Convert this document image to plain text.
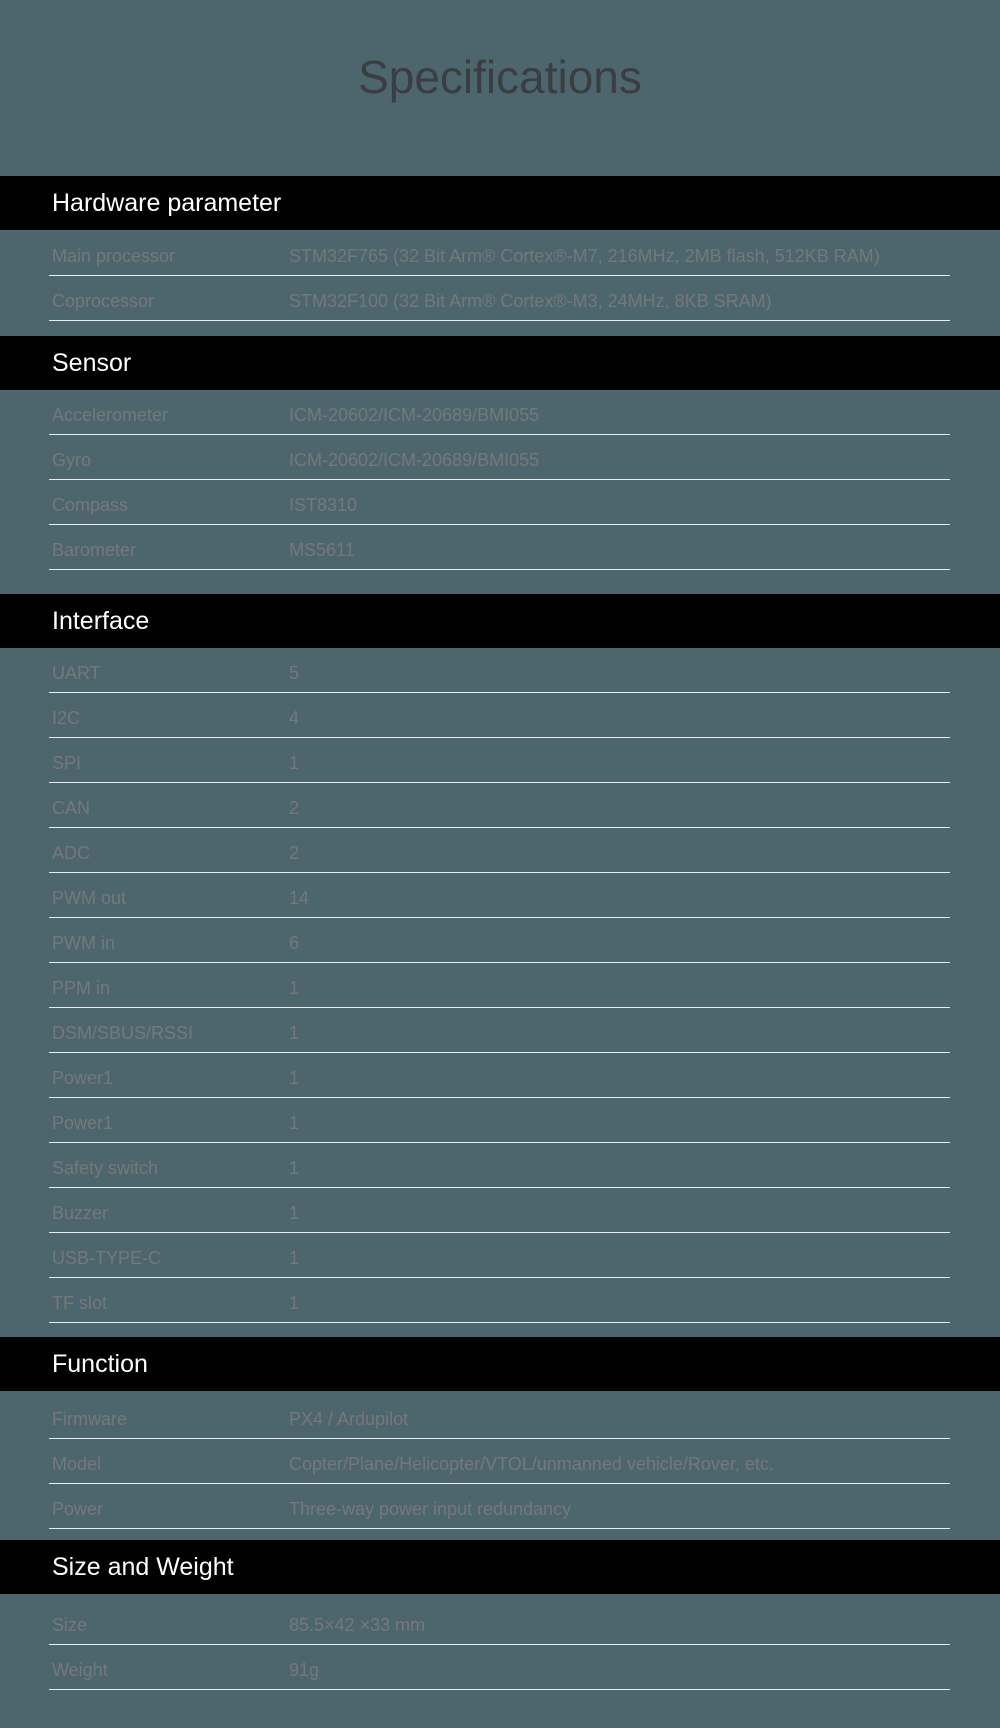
Specifications
Hardware parameter
Main processor	STM32F765 (32 Bit Arm® Cortex®-M7, 216MHz, 2MB flash, 512KB RAM)
Coprocessor	STM32F100 (32 Bit Arm® Cortex®-M3, 24MHz, 8KB SRAM)
Sensor
Accelerometer	ICM-20602/ICM-20689/BMI055
Gyro	ICM-20602/ICM-20689/BMI055
Compass	IST8310
Barometer	MS5611
Interface
UART	5
I2C	4
SPI	1
CAN	2
ADC	2
PWM out	14
PWM in	6
PPM in	1
DSM/SBUS/RSSI	1
Power1	1
Power1	1
Safety switch	1
Buzzer	1
USB-TYPE-C	1
TF slot	1
Function
Firmware	PX4 / Ardupilot
Model	Copter/Plane/Helicopter/VTOL/unmanned vehicle/Rover, etc.
Power	Three-way power input redundancy
Size and Weight
Size	85.5×42 ×33 mm
Weight	91g
